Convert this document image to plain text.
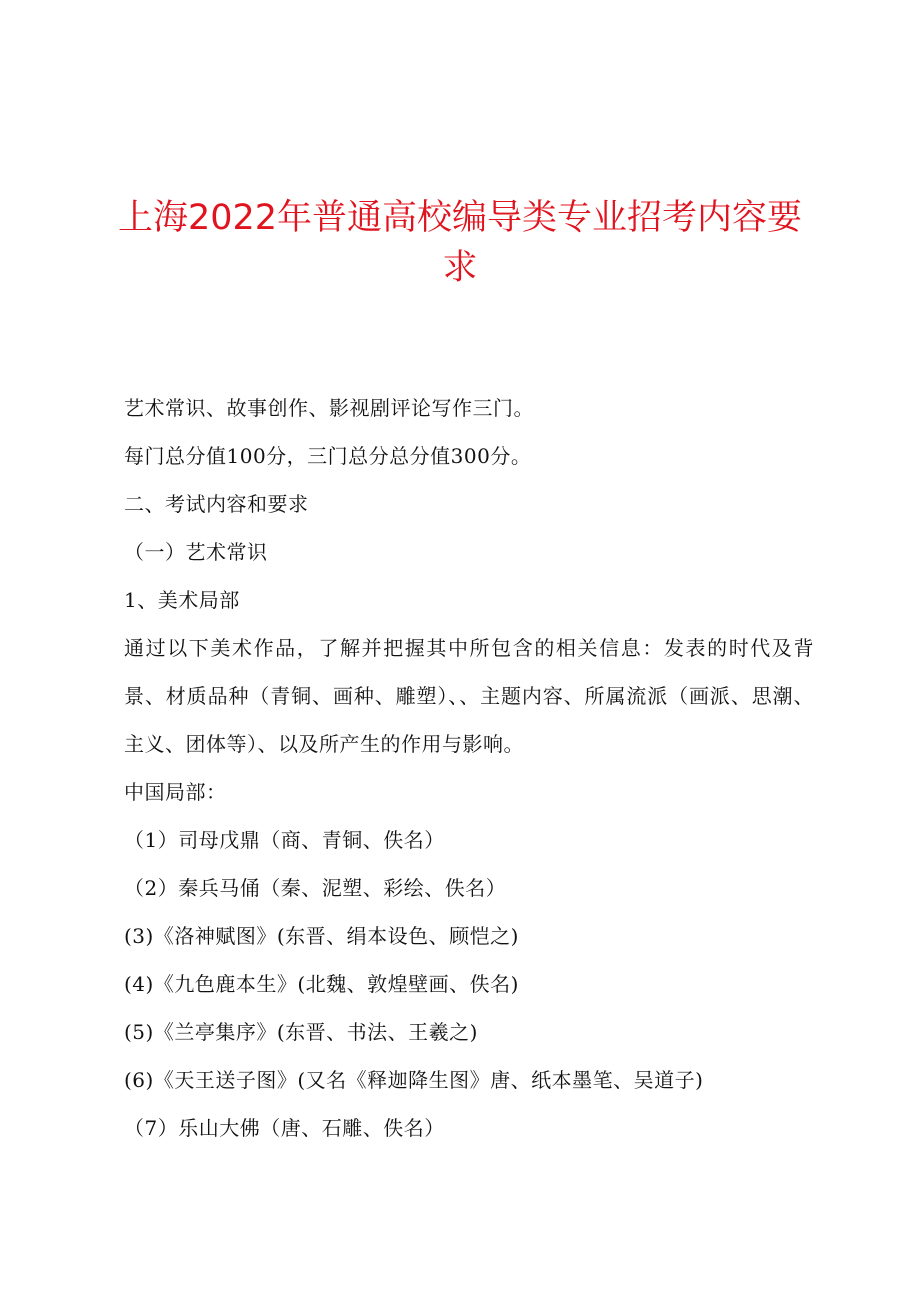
上海2022年普通高校编导类专业招考内容要
求

艺术常识、故事创作、影视剧评论写作三门。

每门总分值100分，三门总分总分值300分。

二、考试内容和要求

（一）艺术常识

1、美术局部

通过以下美术作品，了解并把握其中所包含的相关信息：发表的时代及背景、材质品种（青铜、画种、雕塑）、、主题内容、所属流派（画派、思潮、主义、团体等）、以及所产生的作用与影响。

中国局部：

（1）司母戊鼎（商、青铜、佚名）

（2）秦兵马俑（秦、泥塑、彩绘、佚名）

(3)《洛神赋图》(东晋、绢本设色、顾恺之)

(4)《九色鹿本生》(北魏、敦煌壁画、佚名)

(5)《兰亭集序》(东晋、书法、王羲之)

(6)《天王送子图》(又名《释迦降生图》唐、纸本墨笔、吴道子)

（7）乐山大佛（唐、石雕、佚名）
